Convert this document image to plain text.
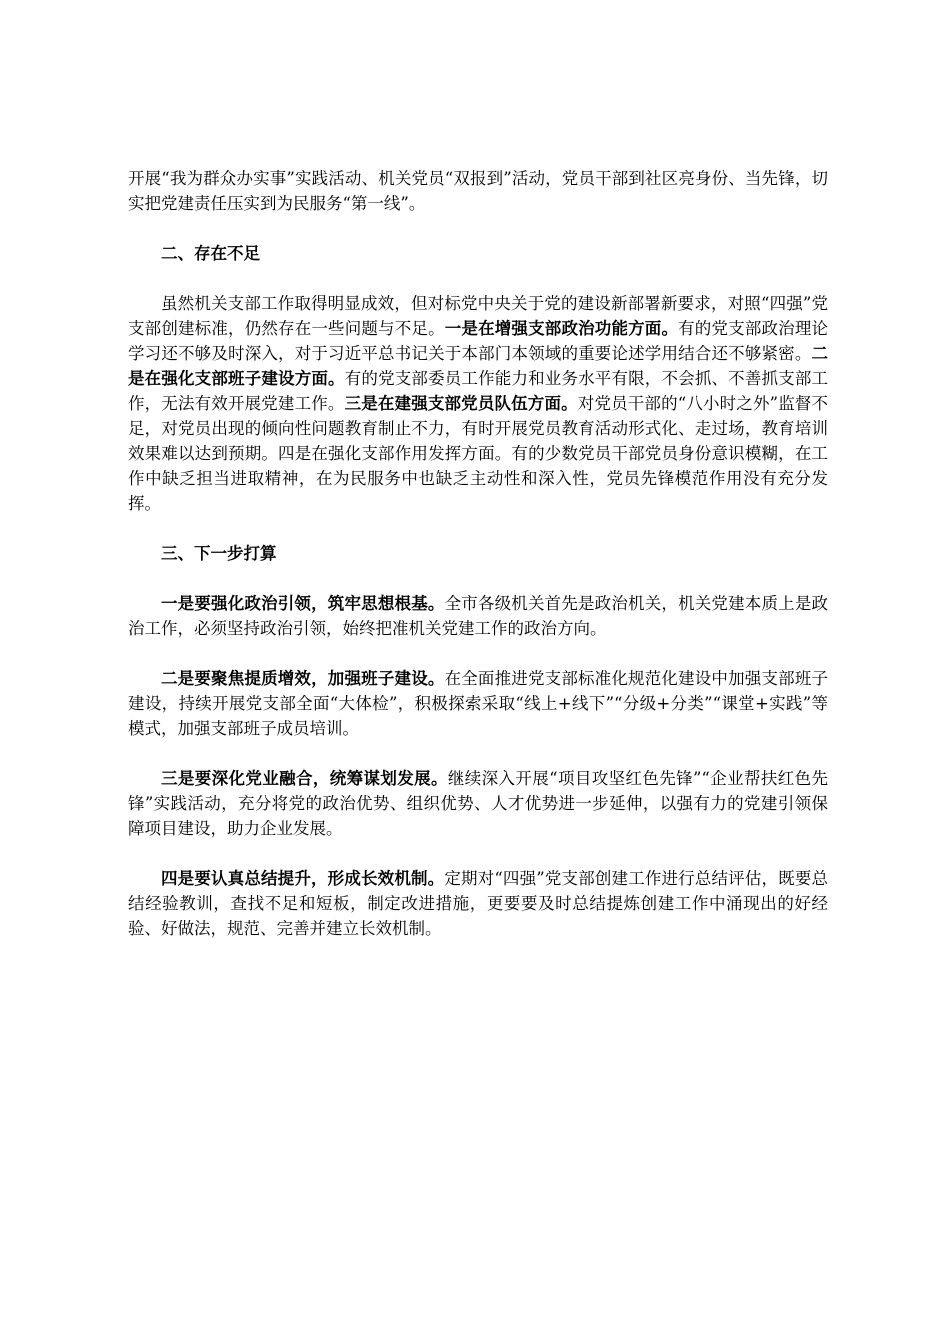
开展“我为群众办实事”实践活动、机关党员“双报到”活动，党员干部到社区亮身份、当先锋，切实把党建责任压实到为民服务“第一线”。

二、存在不足

虽然机关支部工作取得明显成效，但对标党中央关于党的建设新部署新要求，对照“四强”党支部创建标准，仍然存在一些问题与不足。一是在增强支部政治功能方面。有的党支部政治理论学习还不够及时深入，对于习近平总书记关于本部门本领域的重要论述学用结合还不够紧密。二是在强化支部班子建设方面。有的党支部委员工作能力和业务水平有限，不会抓、不善抓支部工作，无法有效开展党建工作。三是在建强支部党员队伍方面。对党员干部的“八小时之外”监督不足，对党员出现的倾向性问题教育制止不力，有时开展党员教育活动形式化、走过场，教育培训效果难以达到预期。四是在强化支部作用发挥方面。有的少数党员干部党员身份意识模糊，在工作中缺乏担当进取精神，在为民服务中也缺乏主动性和深入性，党员先锋模范作用没有充分发挥。

三、下一步打算

一是要强化政治引领，筑牢思想根基。全市各级机关首先是政治机关，机关党建本质上是政治工作，必须坚持政治引领，始终把准机关党建工作的政治方向。

二是要聚焦提质增效，加强班子建设。在全面推进党支部标准化规范化建设中加强支部班子建设，持续开展党支部全面“大体检”，积极探索采取“线上+线下”“分级+分类”“课堂+实践”等模式，加强支部班子成员培训。

三是要深化党业融合，统筹谋划发展。继续深入开展“项目攻坚红色先锋”“企业帮扶红色先锋”实践活动，充分将党的政治优势、组织优势、人才优势进一步延伸，以强有力的党建引领保障项目建设，助力企业发展。

四是要认真总结提升，形成长效机制。定期对“四强”党支部创建工作进行总结评估，既要总结经验教训，查找不足和短板，制定改进措施，更要要及时总结提炼创建工作中涌现出的好经验、好做法，规范、完善并建立长效机制。
